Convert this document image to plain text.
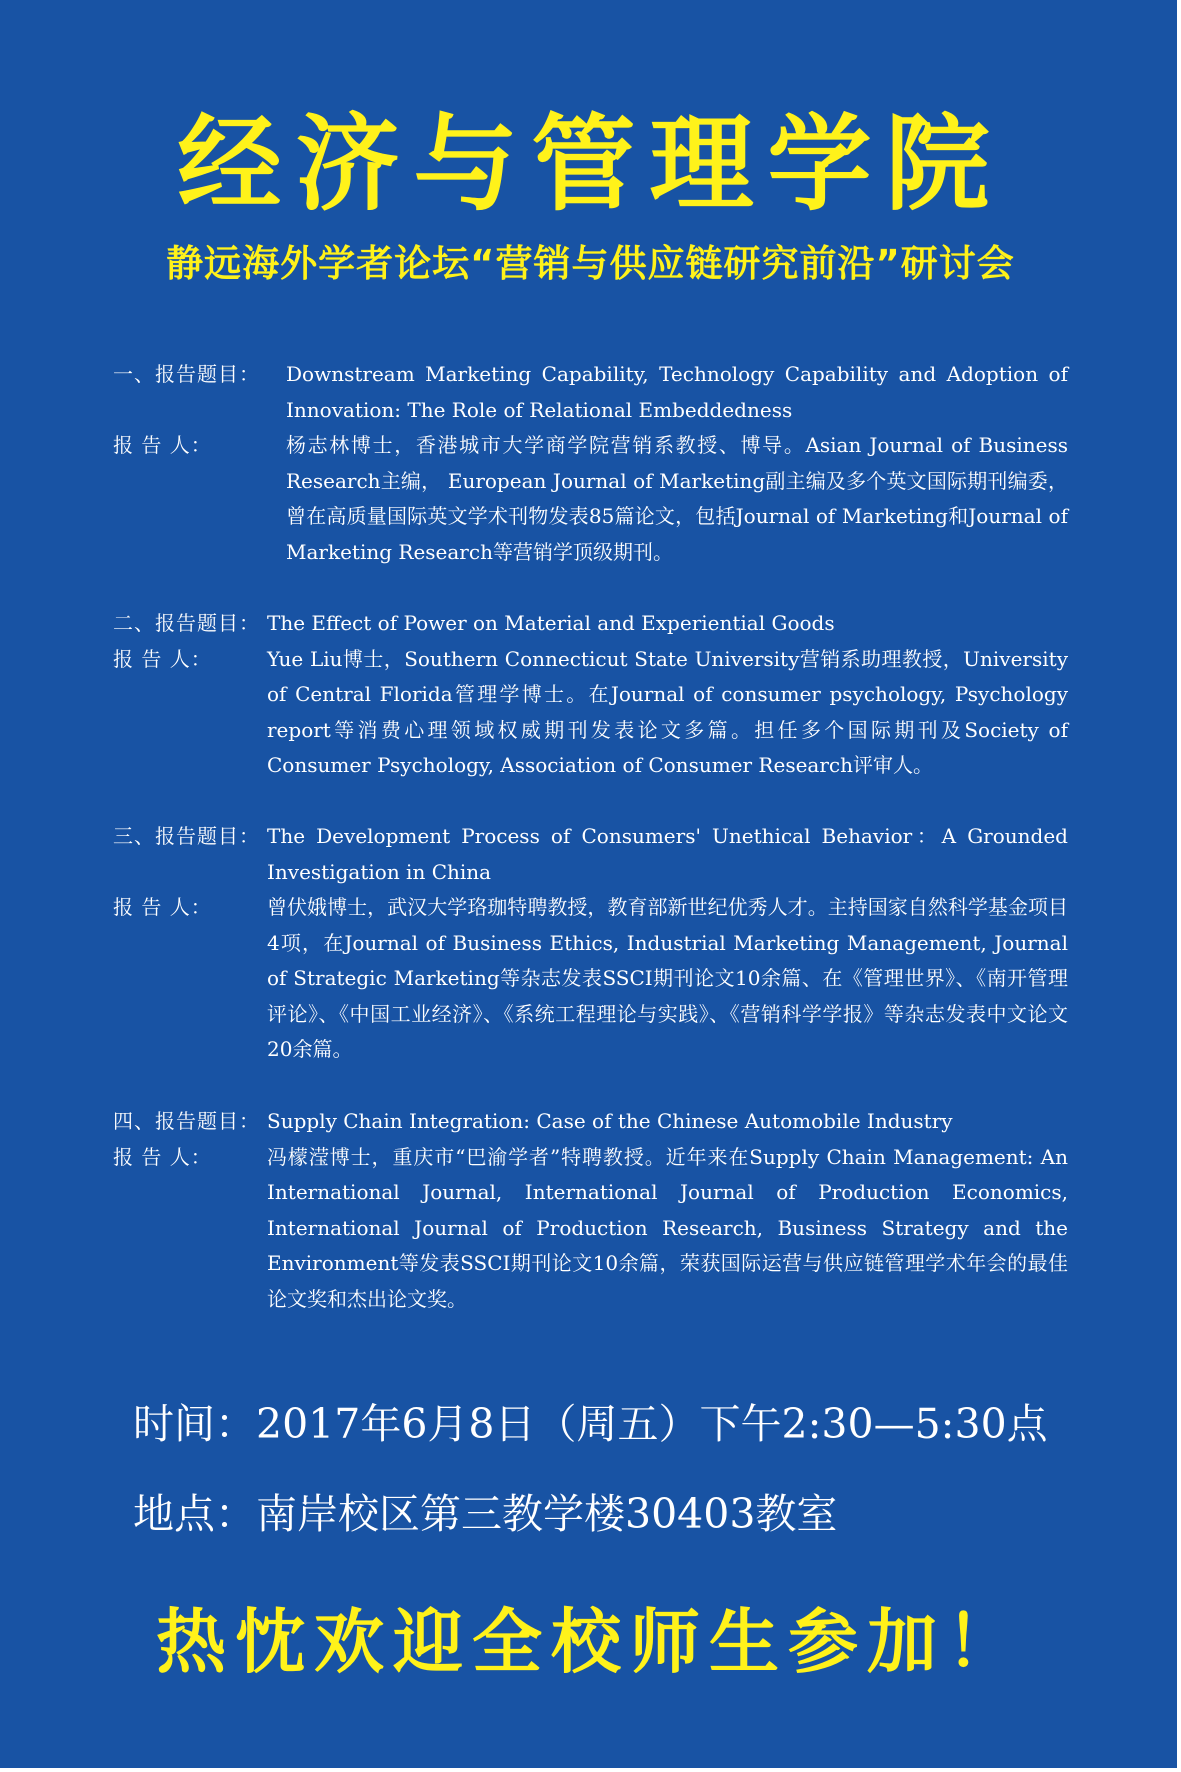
经济与管理学院
静远海外学者论坛“营销与供应链研究前沿”研讨会
一、报告题目：	Downstream Marketing Capability, Technology Capability and Adoption of Innovation: The Role of Relational Embeddedness
报 告 人：	杨志林博士，香港城市大学商学院营销系教授、博导。Asian Journal of Business Research主编， European Journal of Marketing副主编及多个英文国际期刊编委，曾在高质量国际英文学术刊物发表85篇论文，包括Journal of Marketing和Journal of Marketing Research等营销学顶级期刊。
二、报告题目： The Effect of Power on Material and Experiential Goods
报 告 人：	Yue Liu博士，Southern Connecticut State University营销系助理教授，University of Central Florida管理学博士。在Journal of consumer psychology, Psychology report等消费心理领域权威期刊发表论文多篇。担任多个国际期刊及Society of Consumer Psychology, Association of Consumer Research评审人。
三、报告题目： The Development Process of Consumers' Unethical Behavior：A Grounded Investigation in China
报 告 人：	曾伏娥博士，武汉大学珞珈特聘教授，教育部新世纪优秀人才。主持国家自然科学基金项目4项，在Journal of Business Ethics, Industrial Marketing Management, Journal of Strategic Marketing等杂志发表SSCI期刊论文10余篇、在《管理世界》、《南开管理评论》、《中国工业经济》、《系统工程理论与实践》、《营销科学学报》等杂志发表中文论文20余篇。
四、报告题目： Supply Chain Integration: Case of the Chinese Automobile Industry
报 告 人：	冯檬滢博士，重庆市“巴渝学者”特聘教授。近年来在Supply Chain Management: An International Journal, International Journal of Production Economics, International Journal of Production Research, Business Strategy and the Environment等发表SSCI期刊论文10余篇，荣获国际运营与供应链管理学术年会的最佳论文奖和杰出论文奖。
时间：2017年6月8日（周五）下午2:30—5:30点
地点：南岸校区第三教学楼30403教室
热忱欢迎全校师生参加！
